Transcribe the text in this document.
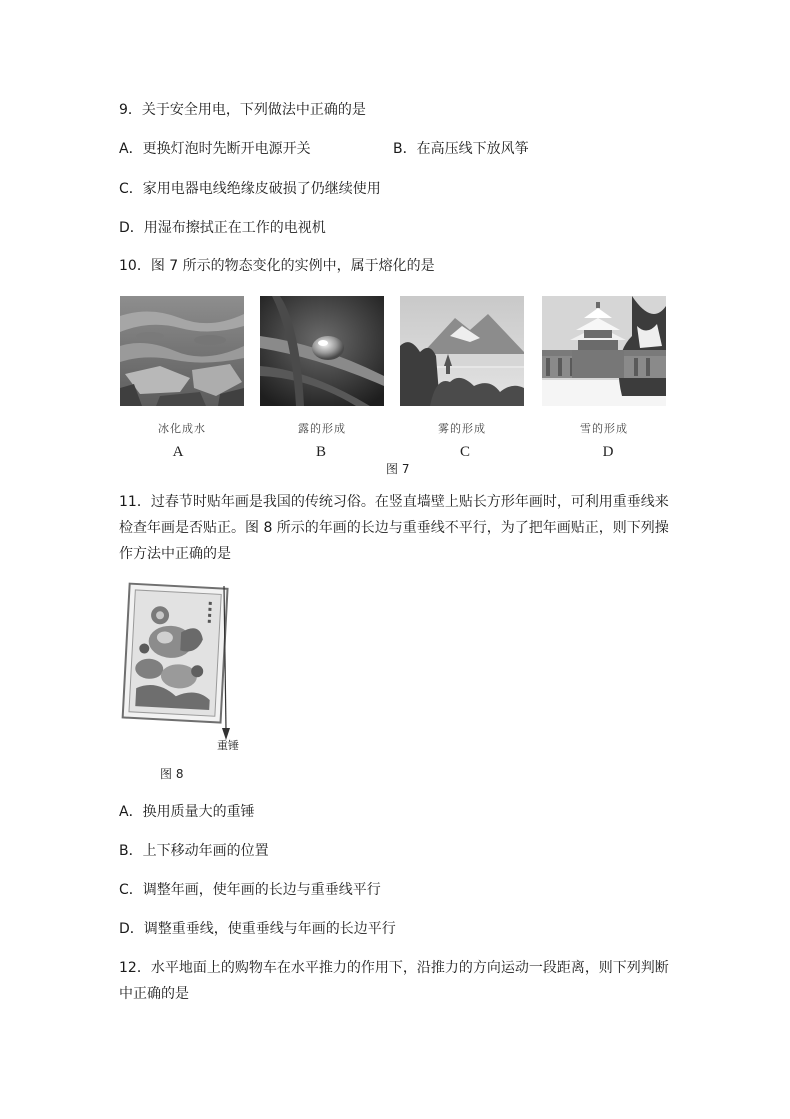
9．关于安全用电，下列做法中正确的是
A．更换灯泡时先断开电源开关	B．在高压线下放风筝
C．家用电器电线绝缘皮破损了仍继续使用
D．用湿布擦拭正在工作的电视机
10．图 7 所示的物态变化的实例中，属于熔化的是
冰化成水	露的形成	雾的形成	雪的形成
A	B	C	D
图 7
11．过春节时贴年画是我国的传统习俗。在竖直墙壁上贴长方形年画时，可利用重垂线来检查年画是否贴正。图 8 所示的年画的长边与重垂线不平行，为了把年画贴正，则下列操作方法中正确的是
重锤
图 8
A．换用质量大的重锤
B．上下移动年画的位置
C．调整年画，使年画的长边与重垂线平行
D．调整重垂线，使重垂线与年画的长边平行
12．水平地面上的购物车在水平推力的作用下，沿推力的方向运动一段距离，则下列判断中正确的是
